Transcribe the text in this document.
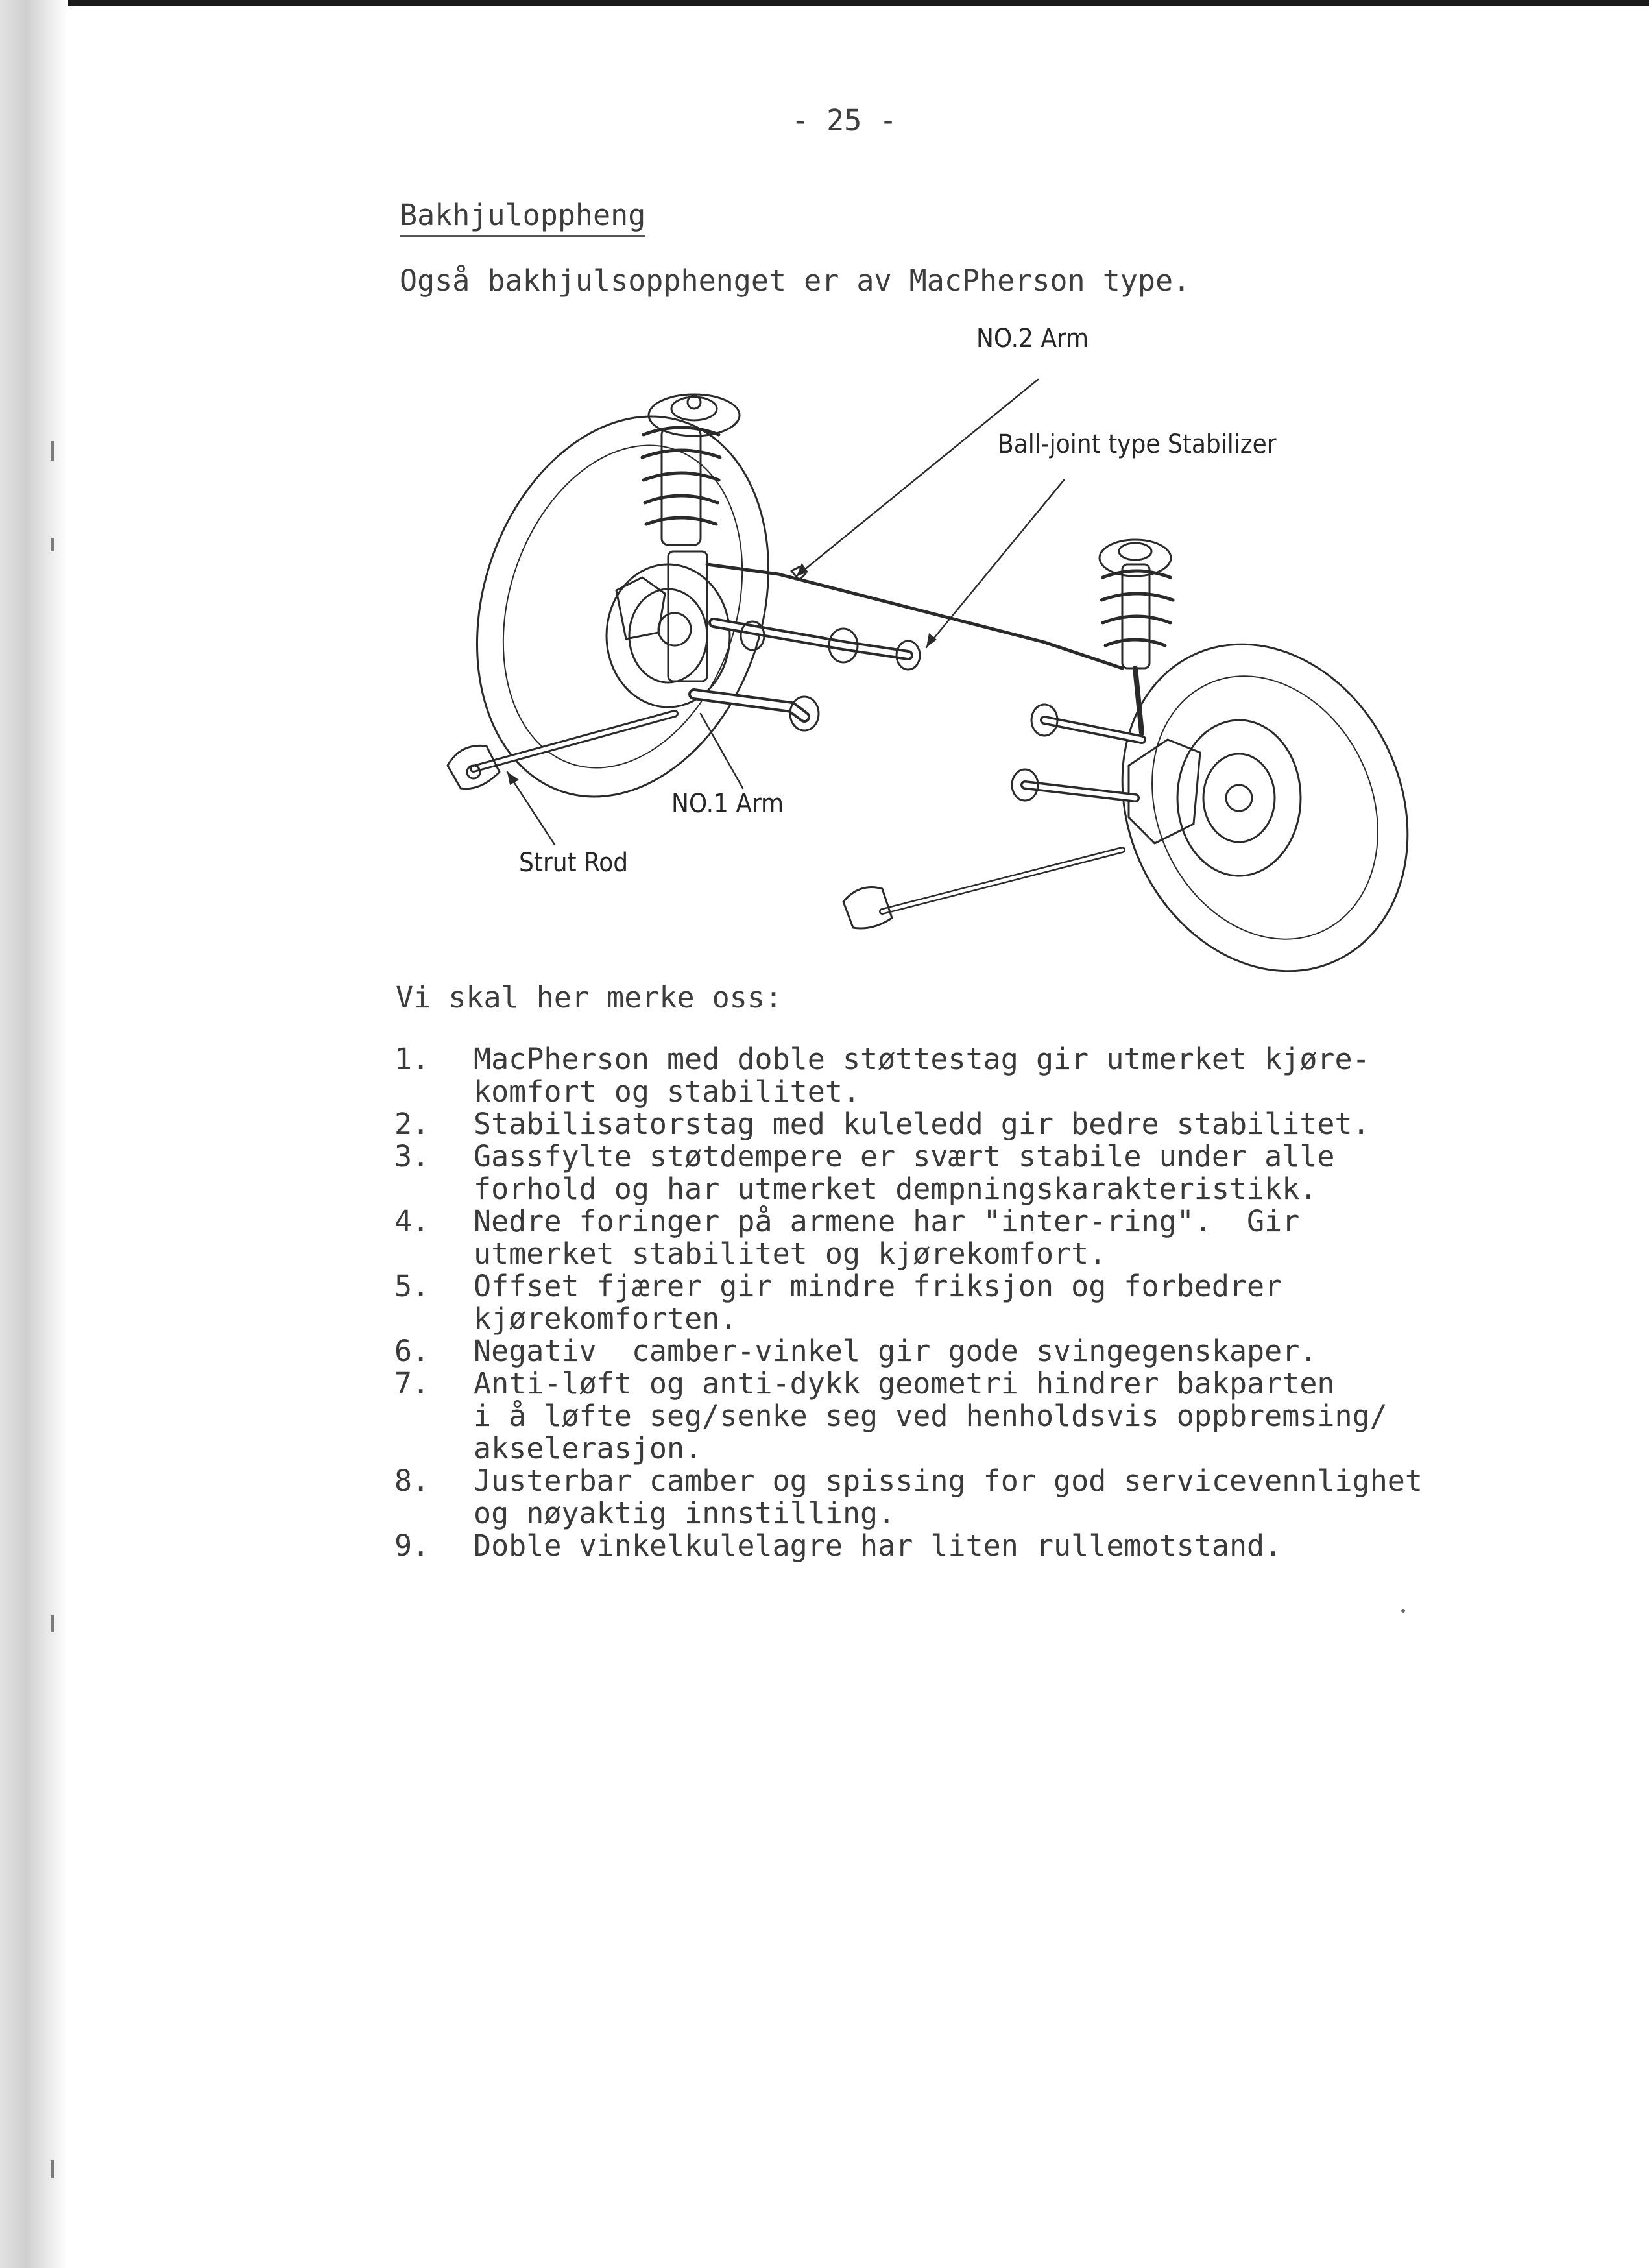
- 25 -
Bakhjuloppheng
Også bakhjulsopphenget er av MacPherson type.
NO.2 Arm
Ball-joint type Stabilizer
NO.1 Arm
Strut Rod
Vi skal her merke oss:
1.	MacPherson med doble støttestag gir utmerket kjøre-
komfort og stabilitet.
2.	Stabilisatorstag med kuleledd gir bedre stabilitet.
3.	Gassfylte støtdempere er svært stabile under alle
forhold og har utmerket dempningskarakteristikk.
4.	Nedre foringer på armene har "inter-ring".  Gir
utmerket stabilitet og kjørekomfort.
5.	Offset fjærer gir mindre friksjon og forbedrer
kjørekomforten.
6.	Negativ  camber-vinkel gir gode svingegenskaper.
7.	Anti-løft og anti-dykk geometri hindrer bakparten
i å løfte seg/senke seg ved henholdsvis oppbremsing/
akselerasjon.
8.	Justerbar camber og spissing for god servicevennlighet
og nøyaktig innstilling.
9.	Doble vinkelkulelagre har liten rullemotstand.
